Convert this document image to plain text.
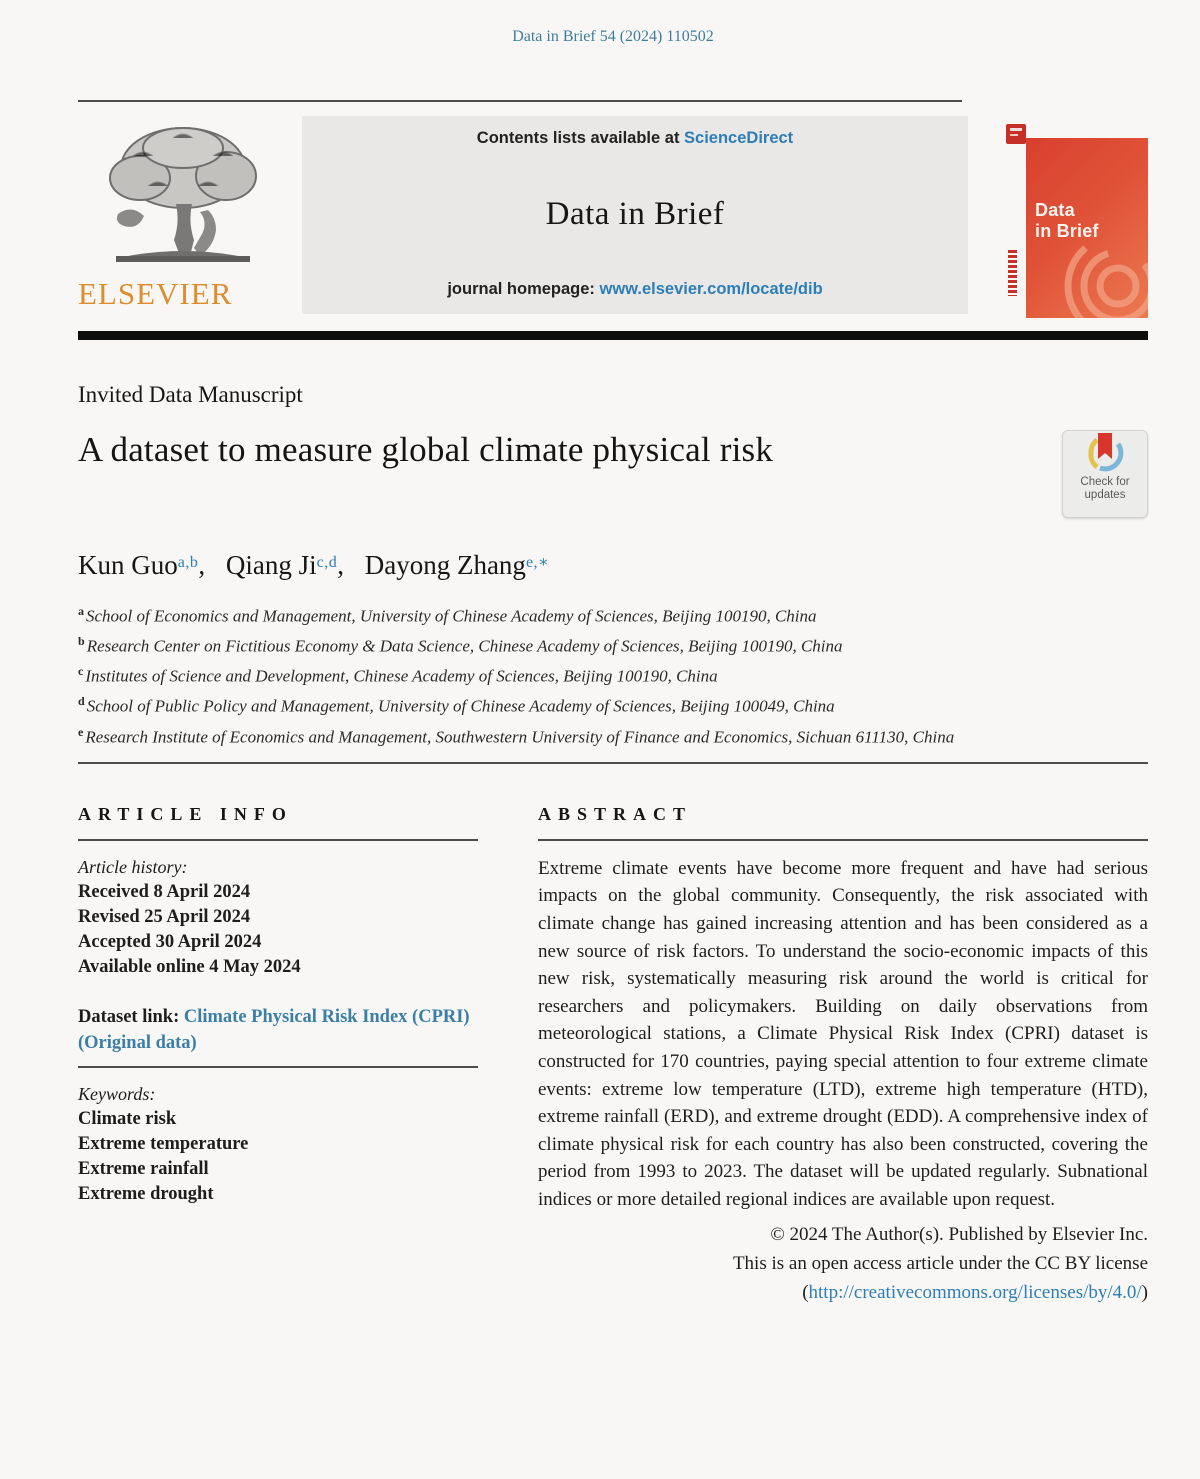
Data in Brief 54 (2024) 110502
ELSEVIER
Contents lists available at ScienceDirect
Data in Brief
journal homepage: www.elsevier.com/locate/dib
Data
in Brief
Invited Data Manuscript
A dataset to measure global climate physical risk
Check for
updates
Kun Guo$^{a,b}$, Qiang Ji$^{c,d}$, Dayong Zhang$^{e,∗}$
$^a$ School of Economics and Management, University of Chinese Academy of Sciences, Beijing 100190, China
$^b$ Research Center on Fictitious Economy & Data Science, Chinese Academy of Sciences, Beijing 100190, China
$^c$ Institutes of Science and Development, Chinese Academy of Sciences, Beijing 100190, China
$^d$ School of Public Policy and Management, University of Chinese Academy of Sciences, Beijing 100049, China
$^e$ Research Institute of Economics and Management, Southwestern University of Finance and Economics, Sichuan 611130, China
ARTICLE INFO
Article history:
Received 8 April 2024
Revised 25 April 2024
Accepted 30 April 2024
Available online 4 May 2024
Dataset link: Climate Physical Risk Index (CPRI) (Original data)
Keywords:
Climate risk
Extreme temperature
Extreme rainfall
Extreme drought
ABSTRACT
Extreme climate events have become more frequent and have had serious impacts on the global community. Consequently, the risk associated with climate change has gained increasing attention and has been considered as a new source of risk factors. To understand the socio-economic impacts of this new risk, systematically measuring risk around the world is critical for researchers and policymakers. Building on daily observations from meteorological stations, a Climate Physical Risk Index (CPRI) dataset is constructed for 170 countries, paying special attention to four extreme climate events: extreme low temperature (LTD), extreme high temperature (HTD), extreme rainfall (ERD), and extreme drought (EDD). A comprehensive index of climate physical risk for each country has also been constructed, covering the period from 1993 to 2023. The dataset will be updated regularly. Subnational indices or more detailed regional indices are available upon request.
© 2024 The Author(s). Published by Elsevier Inc.
This is an open access article under the CC BY license
(http://creativecommons.org/licenses/by/4.0/)
